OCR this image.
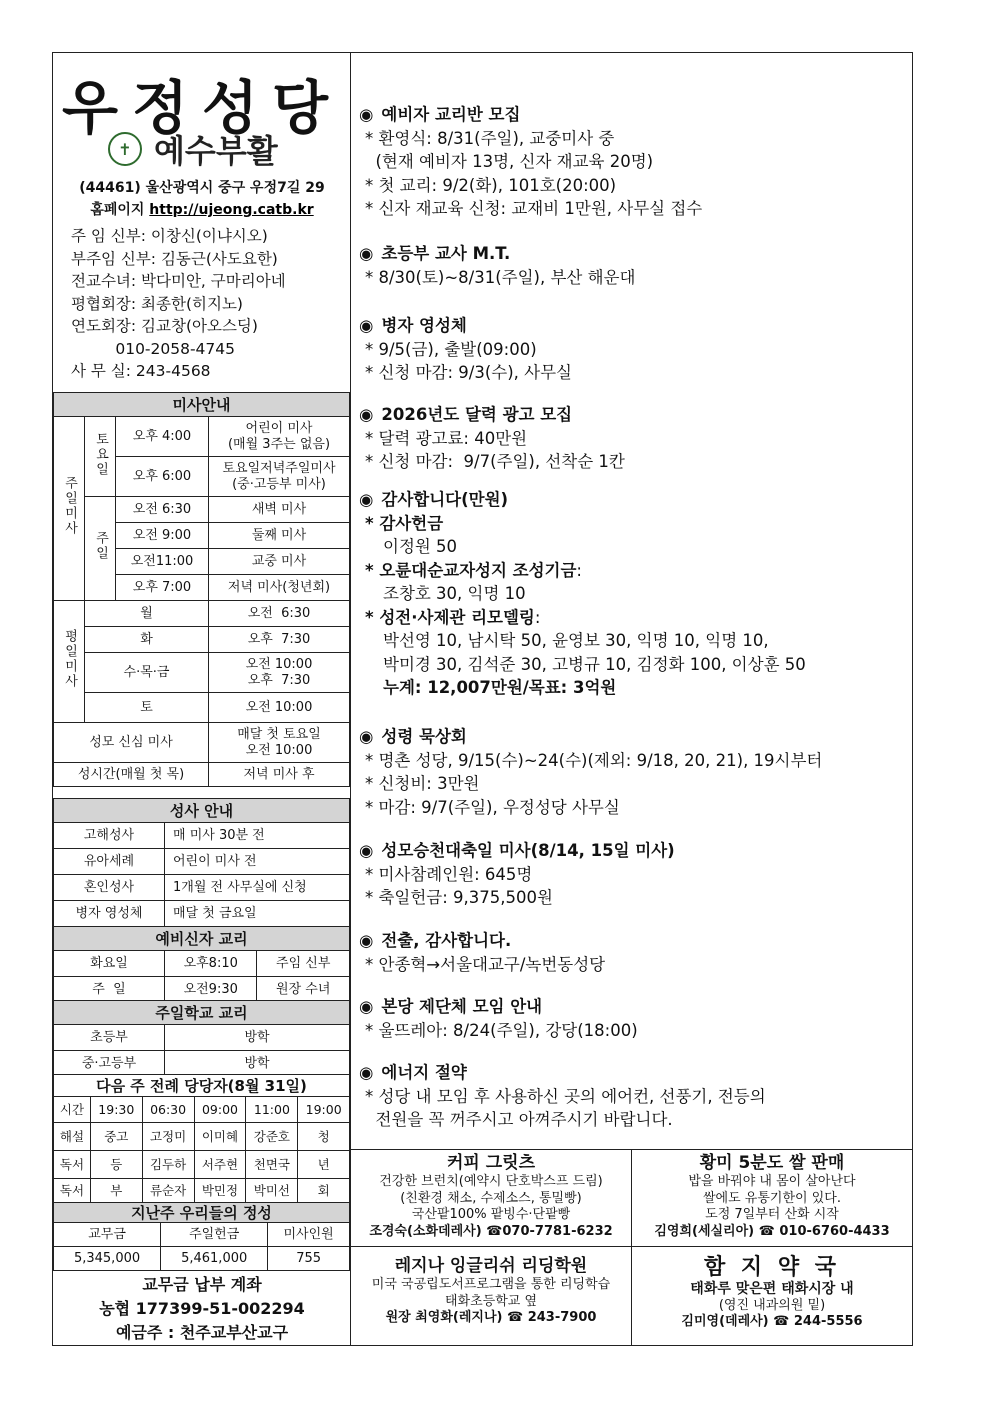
우정성당
✝ 예수부활
(44461) 울산광역시 중구 우정7길 29
홈페이지 http://ujeong.catb.kr
주 임 신부: 이창신(이냐시오)
부주임 신부: 김동근(사도요한)
전교수녀: 박다미안, 구마리아네
평협회장: 최종한(히지노)
연도회장: 김교창(아오스딩)
010-2058-4745
사 무 실: 243-4568
미사안내			
주일미사	토요일	오후 4:00	어린이 미사
(매월 3주는 없음)

		오후 6:00	토요일저녁주일미사
(중·고등부 미사)

	주일	오전 6:30	새벽 미사
		오전 9:00	둘째 미사
		오전11:00	교중 미사
		오후 7:00	저녁 미사(청년회)
평일미사	월		오전  6:30

	화		오후  7:30

	수·목·금		오전 10:00
오후  7:30

	토		오전 10:00

성모 신심 미사			매달 첫 토요일
오전 10:00

성시간(매월 첫 목)			저녁 미사 후
성사 안내	
고해성사	매 미사 30분 전
유아세례	어린이 미사 전
혼인성사	1개월 전 사무실에 신청
병자 영성체	매달 첫 금요일
예비신자 교리		
화요일	오후8:10	주임 신부
주  일	오전9:30	원장 수녀
주일학교 교리	
초등부	방학
중·고등부	방학
다음 주 전례 당당자(8월 31일)					
시간	19:30	06:30	09:00	11:00	19:00
해설	중고	고정미	이미혜	강준호	청
독서	등	김두하	서주현	천면국	년
독서	부	류순자	박민정	박미선	회
지난주 우리들의 정성		
교무금	주일헌금	미사인원
5,345,000	5,461,000	755
교무금 납부 계좌
농협 177399-51-002294
예금주 : 천주교부산교구
◉ 예비자 교리반 모집
* 환영식: 8/31(주일), 교중미사 중
(현재 예비자 13명, 신자 재교육 20명)
* 첫 교리: 9/2(화), 101호(20:00)
* 신자 재교육 신청: 교재비 1만원, 사무실 접수
◉ 초등부 교사 M.T.
* 8/30(토)~8/31(주일), 부산 해운대
◉ 병자 영성체
* 9/5(금), 출발(09:00)
* 신청 마감: 9/3(수), 사무실
◉ 2026년도 달력 광고 모집
* 달력 광고료: 40만원
* 신청 마감:  9/7(주일), 선착순 1칸
◉ 감사합니다(만원)
* 감사헌금
이정원 50
* 오륜대순교자성지 조성기금:
조창호 30, 익명 10
* 성전·사제관 리모델링:
박선영 10, 남시탁 50, 윤영보 30, 익명 10, 익명 10,
박미경 30, 김석준 30, 고병규 10, 김정화 100, 이상훈 50
누계: 12,007만원/목표: 3억원
◉ 성령 묵상회
* 명촌 성당, 9/15(수)~24(수)(제외: 9/18, 20, 21), 19시부터
* 신청비: 3만원
* 마감: 9/7(주일), 우정성당 사무실
◉ 성모승천대축일 미사(8/14, 15일 미사)
* 미사참례인원: 645명
* 축일헌금: 9,375,500원
◉ 전출, 감사합니다.
* 안종혁→서울대교구/녹번동성당
◉ 본당 제단체 모임 안내
* 울뜨레아: 8/24(주일), 강당(18:00)
◉ 에너지 절약
* 성당 내 모임 후 사용하신 곳의 에어컨, 선풍기, 전등의
전원을 꼭 꺼주시고 아껴주시기 바랍니다.
커피 그릿츠
건강한 브런치(예약시 단호박스프 드림)
(친환경 채소, 수제소스, 통밀빵)
국산팥100% 팥빙수·단팥빵
조경숙(소화데레사) ☎070-7781-6232
황미 5분도 쌀 판매
밥을 바꿔야 내 몸이 살아난다
쌀에도 유통기한이 있다.
도정 7일부터 산화 시작
김영희(세실리아) ☎ 010-6760-4433
레지나 잉글리쉬 리딩학원
미국 국공립도서프로그램을 통한 리딩학습
태화초등학교 옆
원장 최영화(레지나) ☎ 243-7900
함 지 약 국
태화루 맞은편 태화시장 내
(영진 내과의원 밑)
김미영(데레사) ☎ 244-5556
